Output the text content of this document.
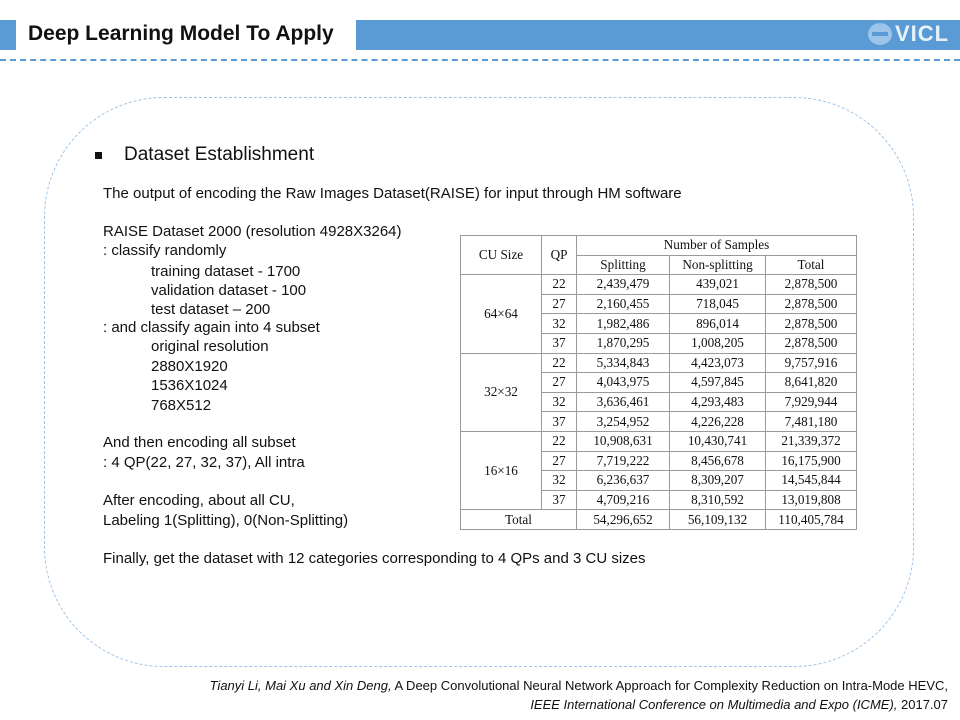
Deep Learning Model To Apply	VICL
Dataset Establishment
The output of encoding the Raw Images Dataset(RAISE) for input through HM software
RAISE Dataset 2000 (resolution 4928X3264)
: classify randomly
training dataset - 1700
validation dataset - 100
test dataset – 200
: and classify again into 4 subset
original resolution
2880X1920
1536X1024
768X512
And then encoding all subset
: 4 QP(22, 27, 32, 37), All intra
After encoding, about all CU,
Labeling 1(Splitting), 0(Non-Splitting)
Finally, get the dataset with 12 categories corresponding to 4 QPs and 3 CU sizes
CU Size	QP	Number of Samples		
		Splitting	Non-splitting	Total
64×64	22	2,439,479	439,021	2,878,500
	27	2,160,455	718,045	2,878,500
	32	1,982,486	896,014	2,878,500
	37	1,870,295	1,008,205	2,878,500
32×32	22	5,334,843	4,423,073	9,757,916
	27	4,043,975	4,597,845	8,641,820
	32	3,636,461	4,293,483	7,929,944
	37	3,254,952	4,226,228	7,481,180
16×16	22	10,908,631	10,430,741	21,339,372
	27	7,719,222	8,456,678	16,175,900
	32	6,236,637	8,309,207	14,545,844
	37	4,709,216	8,310,592	13,019,808
Total		54,296,652	56,109,132	110,405,784
Tianyi Li, Mai Xu and Xin Deng, A Deep Convolutional Neural Network Approach for Complexity Reduction on Intra-Mode HEVC,
IEEE International Conference on Multimedia and Expo (ICME), 2017.07
